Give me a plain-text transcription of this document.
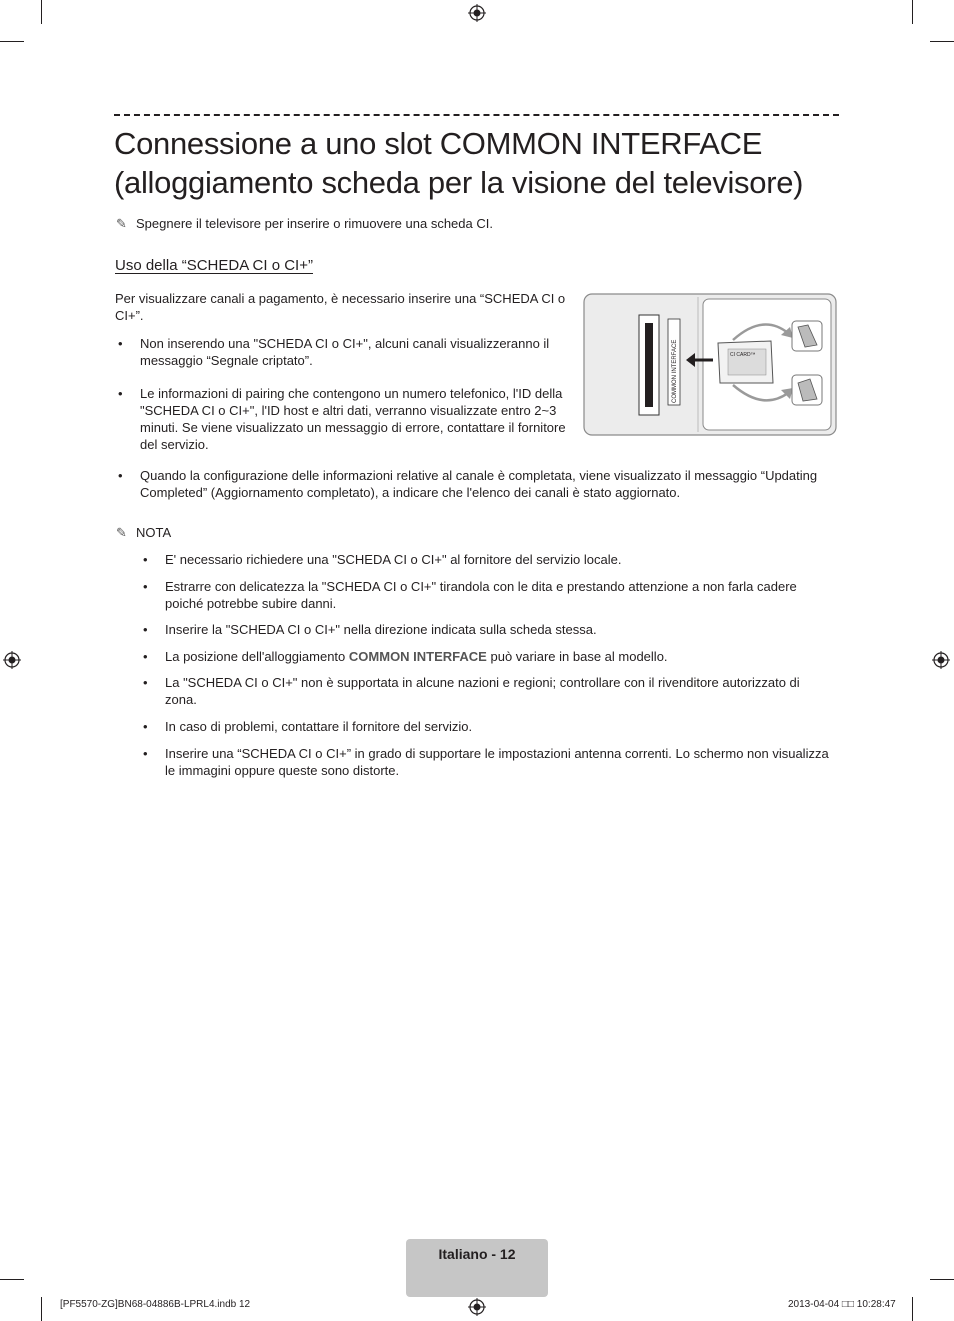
Connessione a uno slot COMMON INTERFACE
(alloggiamento scheda per la visione del televisore)
✎ Spegnere il televisore per inserire o rimuovere una scheda CI.
Uso della “SCHEDA CI o CI+”
Per visualizzare canali a pagamento, è necessario inserire una “SCHEDA CI o CI+”.
• Non inserendo una "SCHEDA CI o CI+", alcuni canali visualizzeranno il messaggio “Segnale criptato”.
• Le informazioni di pairing che contengono un numero telefonico, l'ID della "SCHEDA CI o CI+", l'ID host e altri dati, verranno visualizzate entro 2~3 minuti. Se viene visualizzato un messaggio di errore, contattare il fornitore del servizio.
• Quando la configurazione delle informazioni relative al canale è completata, viene visualizzato il messaggio “Updating Completed” (Aggiornamento completato), a indicare che l'elenco dei canali è stato aggiornato.
✎ NOTA
• E' necessario richiedere una "SCHEDA CI o CI+" al fornitore del servizio locale.
• Estrarre con delicatezza la "SCHEDA CI o CI+" tirandola con le dita e prestando attenzione a non farla cadere poiché potrebbe subire danni.
• Inserire la "SCHEDA CI o CI+" nella direzione indicata sulla scheda stessa.
• La posizione dell'alloggiamento COMMON INTERFACE può variare in base al modello.
• La "SCHEDA CI o CI+" non è supportata in alcune nazioni e regioni; controllare con il rivenditore autorizzato di zona.
• In caso di problemi, contattare il fornitore del servizio.
• Inserire una “SCHEDA CI o CI+” in grado di supportare le impostazioni antenna correnti. Lo schermo non visualizza le immagini oppure queste sono distorte.
COMMON INTERFACE	CI CARD™
Italiano - 12
[PF5570-ZG]BN68-04886B-LPRL4.indb 12	2013-04-04 □□ 10:28:47
